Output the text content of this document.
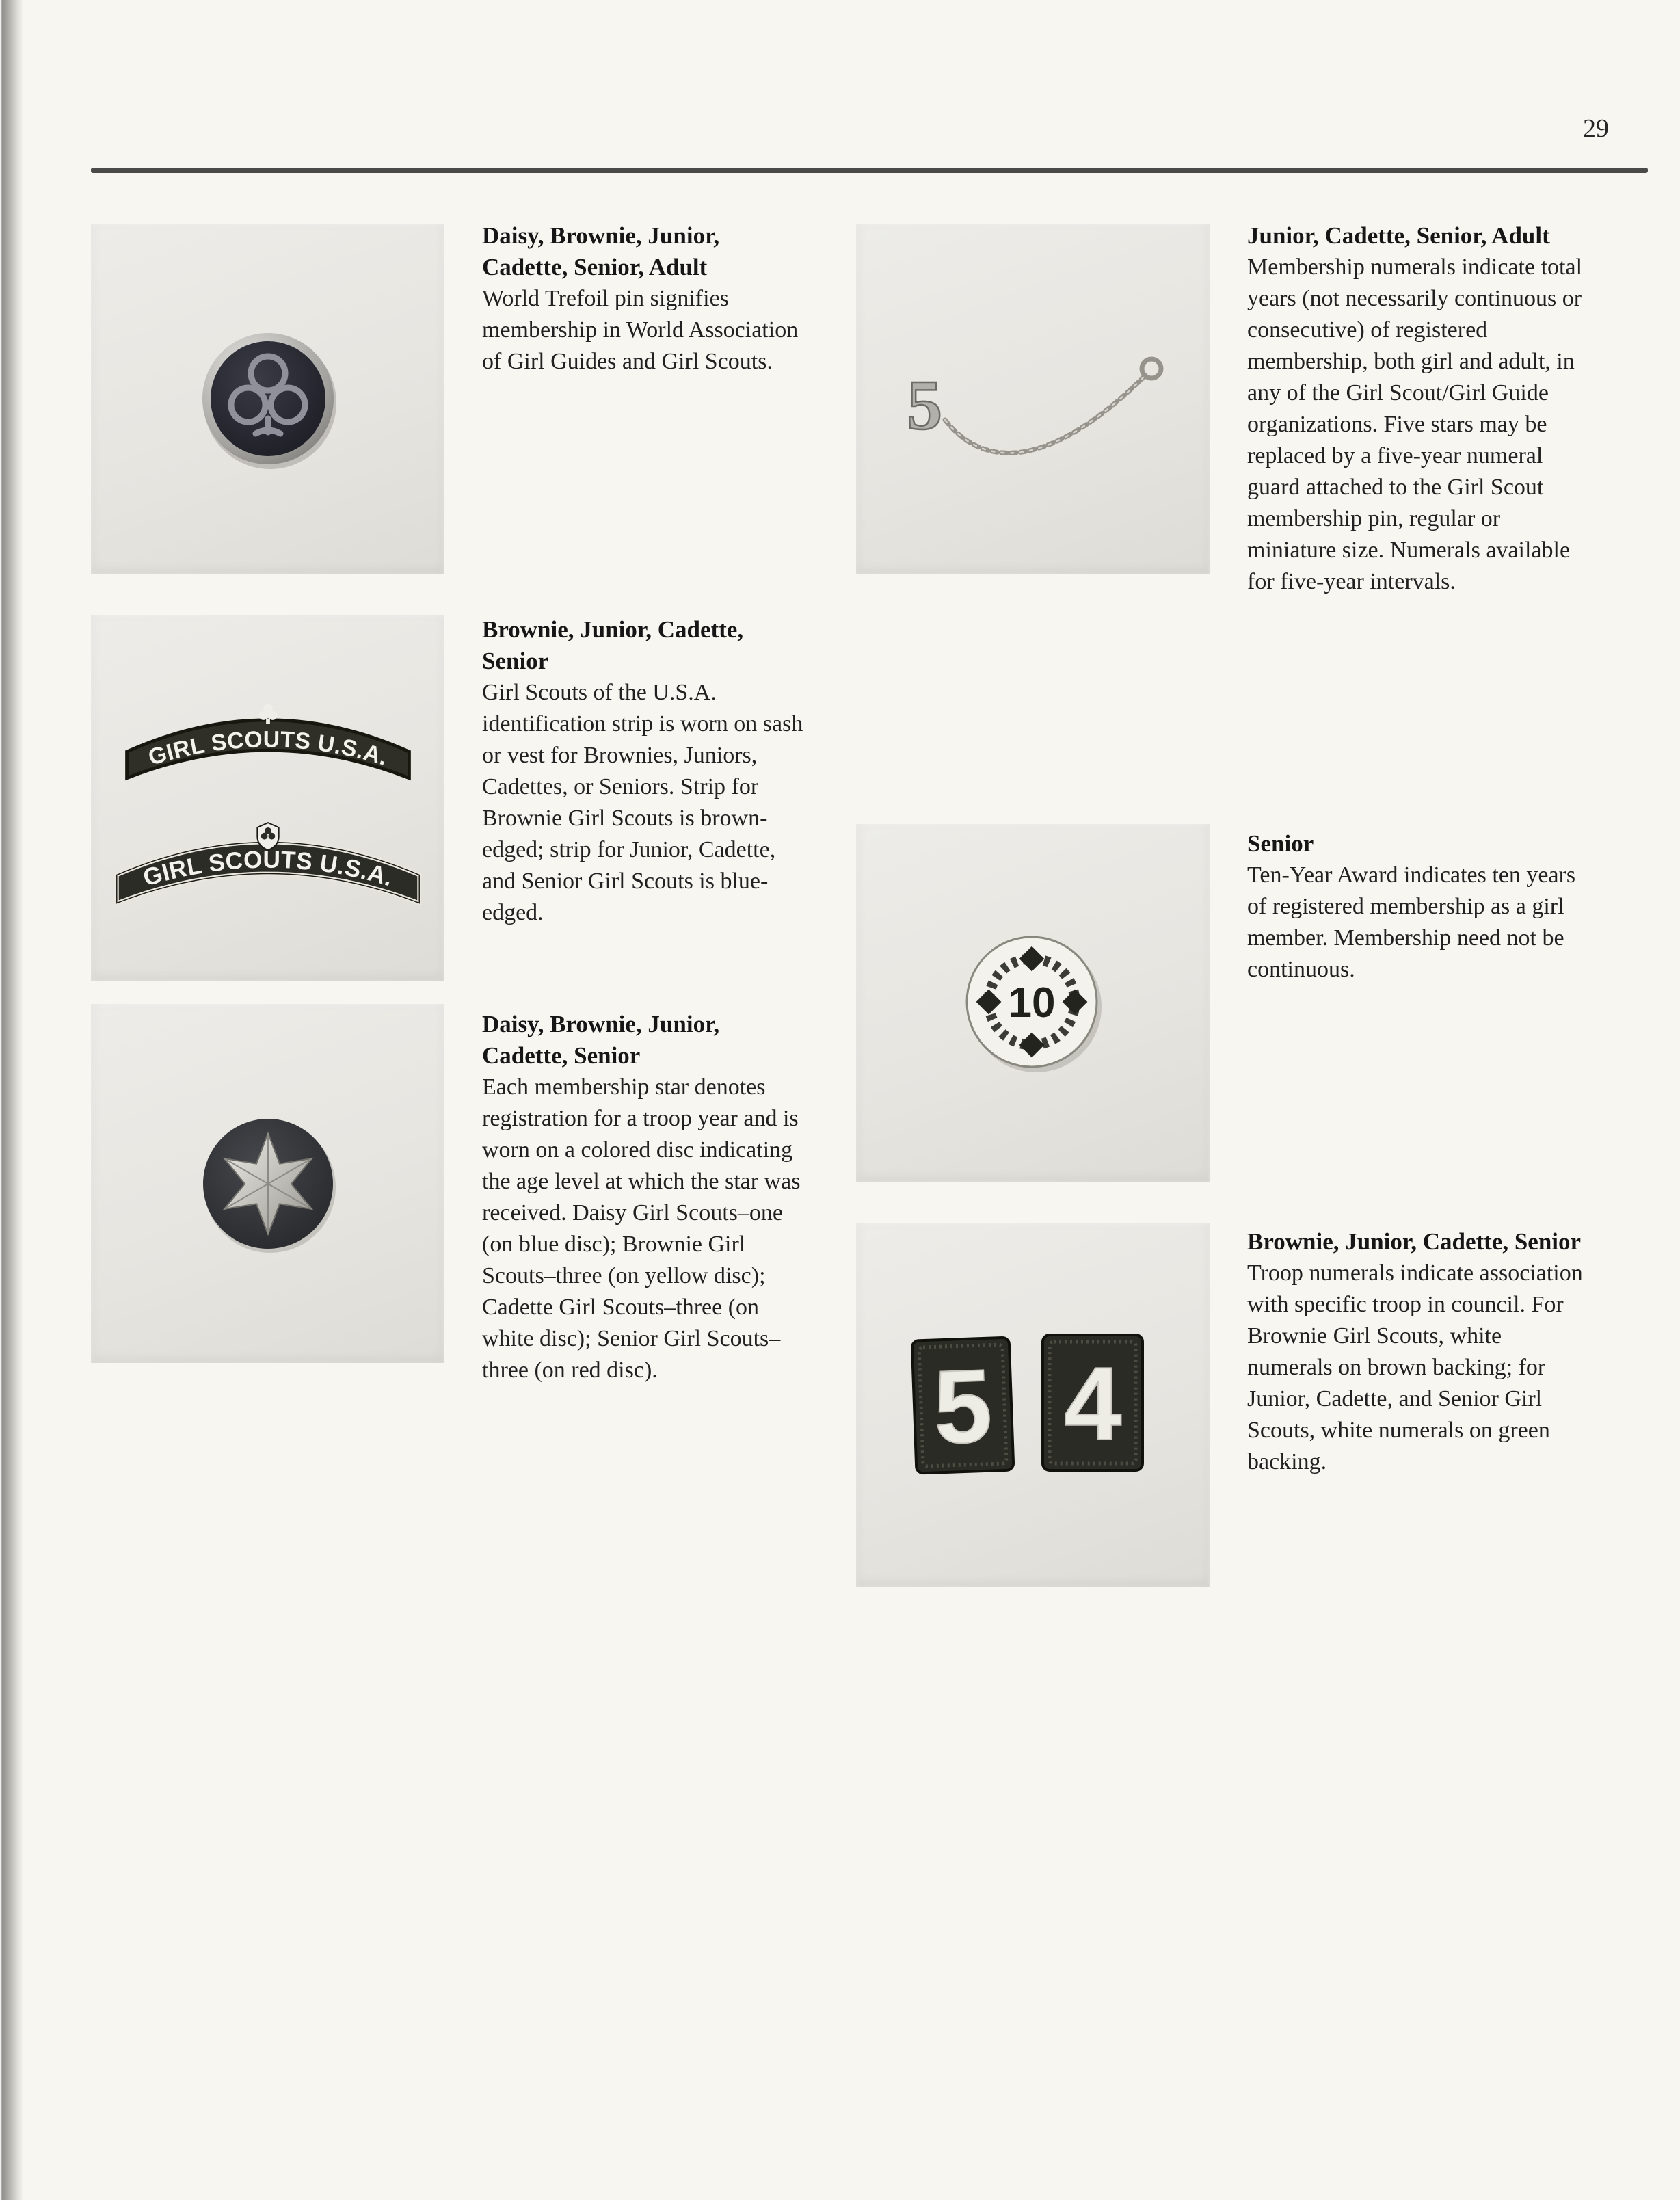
29
GIRL SCOUTS U.S.A.
GIRL SCOUTS U.S.A.
5
10
5 4
Daisy, Brownie, Junior, Cadette, Senior, Adult

World Trefoil pin signifies membership in World Association of Girl Guides and Girl Scouts.

Brownie, Junior, Cadette, Senior

Girl Scouts of the U.S.A. identification strip is worn on sash or vest for Brownies, Juniors, Cadettes, or Seniors. Strip for Brownie Girl Scouts is brown-edged; strip for Junior, Cadette, and Senior Girl Scouts is blue-edged.

Daisy, Brownie, Junior, Cadette, Senior

Each membership star denotes registration for a troop year and is worn on a colored disc indicating the age level at which the star was received. Daisy Girl Scouts–one (on blue disc); Brownie Girl Scouts–three (on yellow disc); Cadette Girl Scouts–three (on white disc); Senior Girl Scouts–three (on red disc).

Junior, Cadette, Senior, Adult

Membership numerals indicate total years (not necessarily continuous or consecutive) of registered membership, both girl and adult, in any of the Girl Scout/Girl Guide organizations. Five stars may be replaced by a five-year numeral guard attached to the Girl Scout membership pin, regular or miniature size. Numerals available for five-year intervals.

Senior

Ten-Year Award indicates ten years of registered membership as a girl member. Membership need not be continuous.

Brownie, Junior, Cadette, Senior

Troop numerals indicate association with specific troop in council. For Brownie Girl Scouts, white numerals on brown backing; for Junior, Cadette, and Senior Girl Scouts, white numerals on green backing.
